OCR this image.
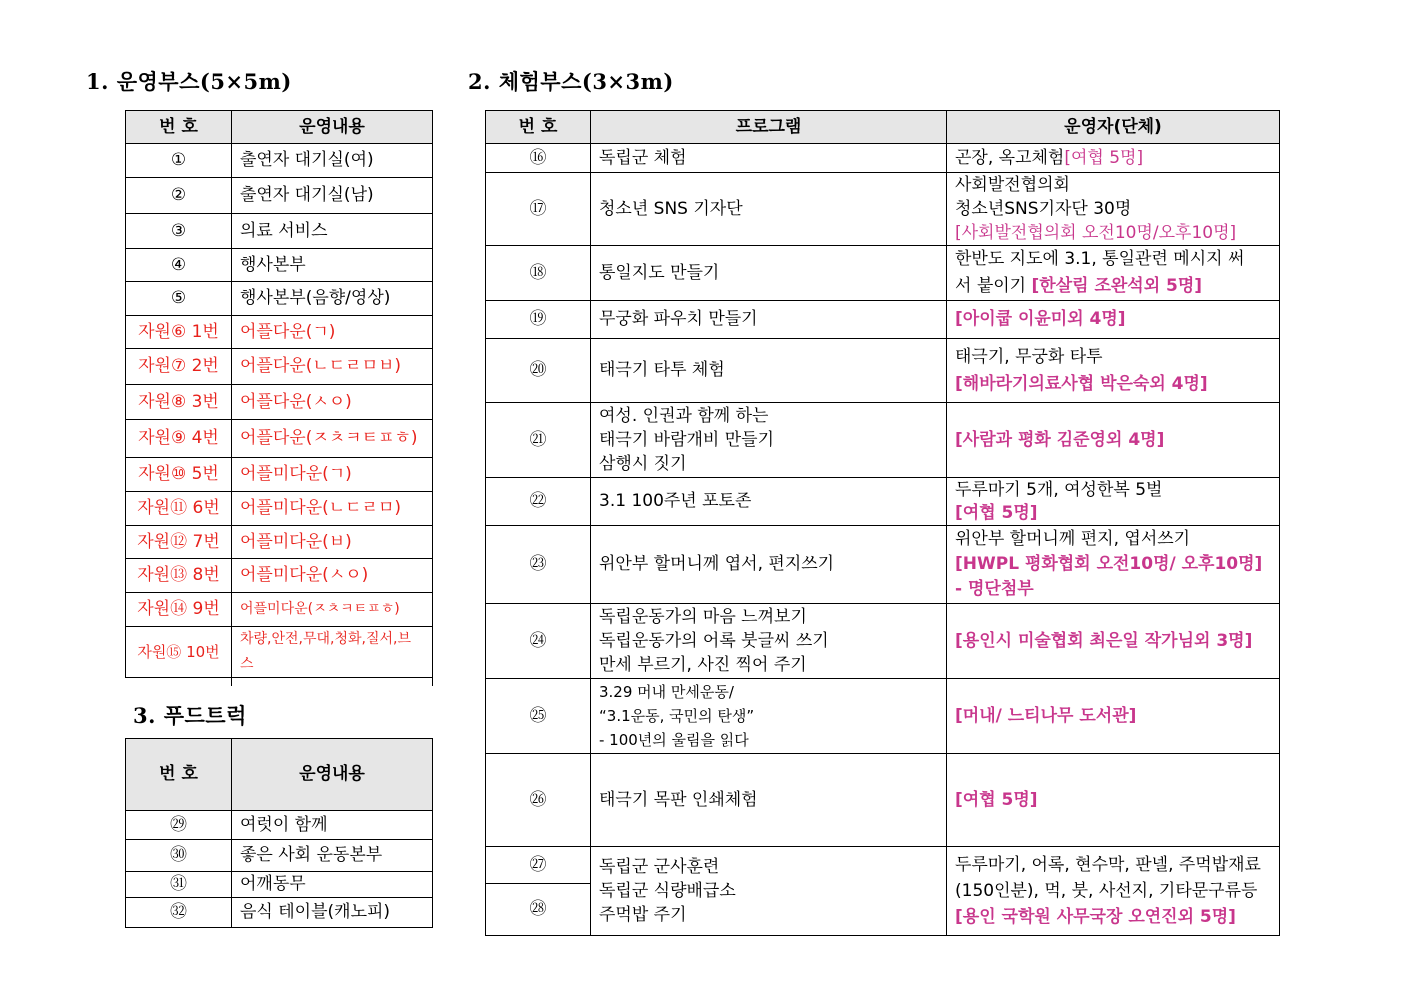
1. 운영부스(5×5m)
번 호	운영내용
①	출연자 대기실(여)
②	출연자 대기실(남)
③	의료 서비스
④	행사본부
⑤	행사본부(음향/영상)
자원⑥ 1번	어플다운(ㄱ)
자원⑦ 2번	어플다운(ㄴㄷㄹㅁㅂ)
자원⑧ 3번	어플다운(ㅅㅇ)
자원⑨ 4번	어플다운(ㅈㅊㅋㅌㅍㅎ)
자원⑩ 5번	어플미다운(ㄱ)
자원⑪ 6번	어플미다운(ㄴㄷㄹㅁ)
자원⑫ 7번	어플미다운(ㅂ)
자원⑬ 8번	어플미다운(ㅅㅇ)
자원⑭ 9번	어플미다운(ㅈㅊㅋㅌㅍㅎ)
자원⑮ 10번	차량,안전,무대,청화,질서,브스

3. 푸드트럭
번 호	운영내용
㉙	여럿이 함께
㉚	좋은 사회 운동본부
㉛	어깨동무
㉜	음식 테이블(캐노피)
2. 체험부스(3×3m)
번 호	프로그램	운영자(단체)
⑯	독립군 체험	곤장, 옥고체험[여협 5명]
⑰	청소년 SNS 기자단	사회발전협의회
청소년SNS기자단 30명
[사회발전협의회 오전10명/오후10명]

⑱	통일지도 만들기	한반도 지도에 3.1, 통일관련 메시지 써
서 붙이기 [한살림 조완석외 5명]

⑲	무궁화 파우치 만들기	[아이쿱 이윤미외 4명]
⑳	태극기 타투 체험	태극기, 무궁화 타투
[해바라기의료사협 박은숙외 4명]

㉑	여성. 인권과 함께 하는
태극기 바람개비 만들기
삼행시 짓기	[사람과 평화 김준영외 4명]
㉒	3.1 100주년 포토존	두루마기 5개, 여성한복 5벌
[여협 5명]

㉓	위안부 할머니께 엽서, 편지쓰기	위안부 할머니께 편지, 엽서쓰기
[HWPL 평화협회 오전10명/ 오후10명]
- 명단첨부

㉔	독립운동가의 마음 느껴보기
독립운동가의 어록 붓글씨 쓰기
만세 부르기, 사진 찍어 주기	[용인시 미술협회 최은일 작가님외 3명]
㉕	3.29 머내 만세운동/
“3.1운동, 국민의 탄생”
- 100년의 울림을 읽다	[머내/ 느티나무 도서관]
㉖	태극기 목판 인쇄체험	[여협 5명]
㉗	독립군 군사훈련
독립군 식량배급소
주먹밥 주기	두루마기, 어록, 현수막, 판넬, 주먹밥재료
(150인분), 먹, 붓, 사선지, 기타문구류등
[용인 국학원 사무국장 오연진외 5명]

㉘		
